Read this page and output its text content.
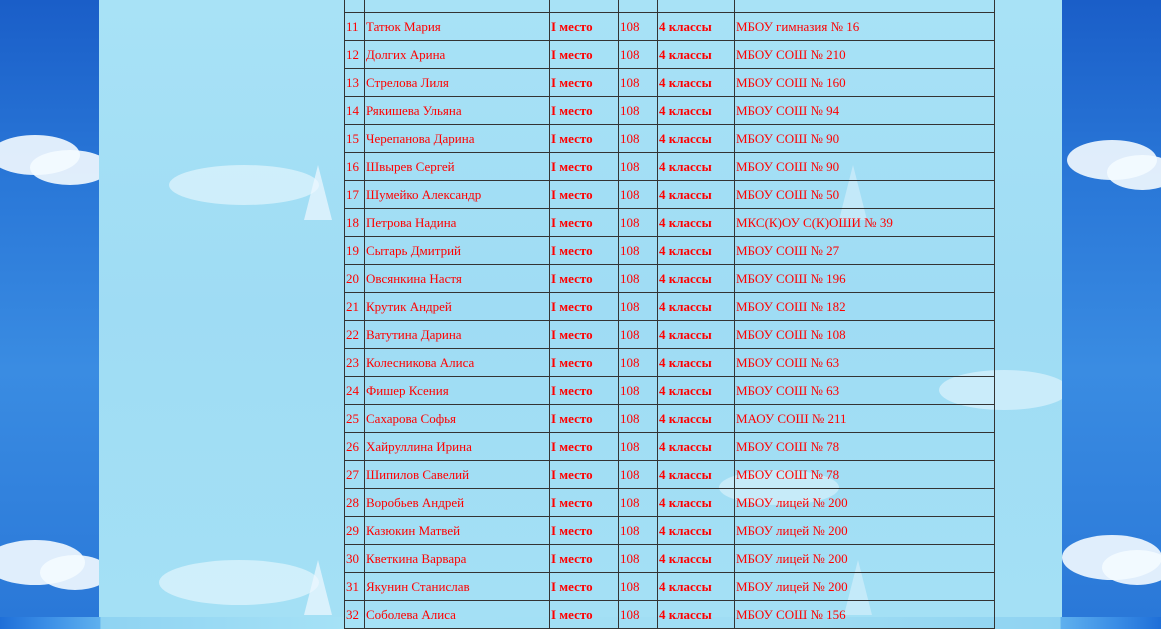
11	Татюк Мария	I место	108	4 классы	МБОУ гимназия № 16
12	Долгих Арина	I место	108	4 классы	МБОУ СОШ № 210
13	Стрелова Лиля	I место	108	4 классы	МБОУ СОШ № 160
14	Рякишева Ульяна	I место	108	4 классы	МБОУ СОШ № 94
15	Черепанова Дарина	I место	108	4 классы	МБОУ СОШ № 90
16	Швырев Сергей	I место	108	4 классы	МБОУ СОШ № 90
17	Шумейко Александр	I место	108	4 классы	МБОУ СОШ № 50
18	Петрова Надина	I место	108	4 классы	МКС(К)ОУ С(К)ОШИ № 39
19	Сытарь Дмитрий	I место	108	4 классы	МБОУ СОШ № 27
20	Овсянкина Настя	I место	108	4 классы	МБОУ СОШ № 196
21	Крутик Андрей	I место	108	4 классы	МБОУ СОШ № 182
22	Ватутина Дарина	I место	108	4 классы	МБОУ СОШ № 108
23	Колесникова Алиса	I место	108	4 классы	МБОУ СОШ № 63
24	Фишер Ксения	I место	108	4 классы	МБОУ СОШ № 63
25	Сахарова Софья	I место	108	4 классы	МАОУ СОШ № 211
26	Хайруллина Ирина	I место	108	4 классы	МБОУ СОШ № 78
27	Шипилов Савелий	I место	108	4 классы	МБОУ СОШ № 78
28	Воробьев Андрей	I место	108	4 классы	МБОУ лицей № 200
29	Казюкин Матвей	I место	108	4 классы	МБОУ лицей № 200
30	Кветкина Варвара	I место	108	4 классы	МБОУ лицей № 200
31	Якунин Станислав	I место	108	4 классы	МБОУ лицей № 200
32	Соболева Алиса	I место	108	4 классы	МБОУ СОШ № 156
